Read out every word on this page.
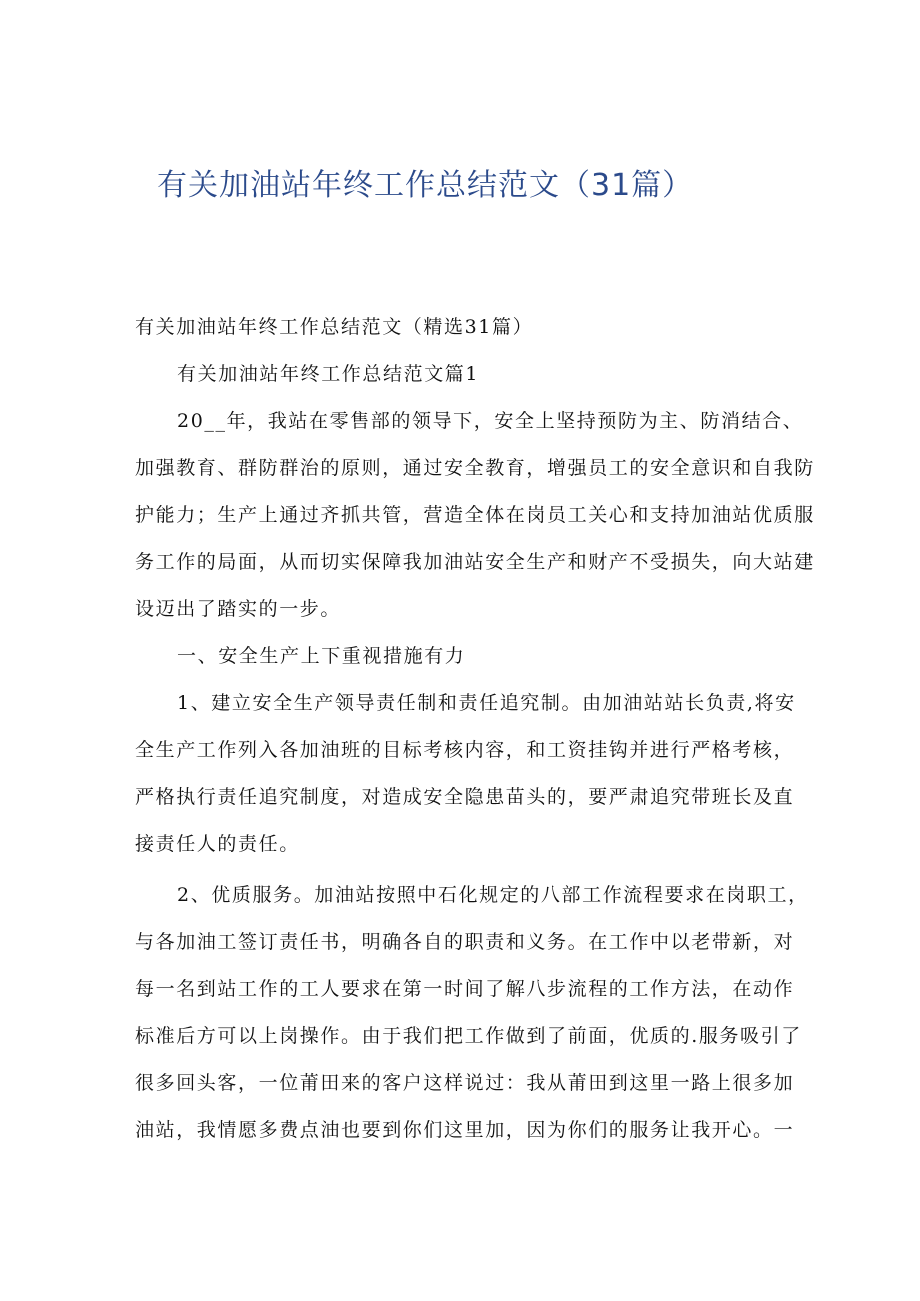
有关加油站年终工作总结范文（31篇）
有关加油站年终工作总结范文（精选31篇）
有关加油站年终工作总结范文篇1
20__年，我站在零售部的领导下，安全上坚持预防为主、防消结合、
加强教育、群防群治的原则，通过安全教育，增强员工的安全意识和自我防
护能力；生产上通过齐抓共管，营造全体在岗员工关心和支持加油站优质服
务工作的局面，从而切实保障我加油站安全生产和财产不受损失，向大站建
设迈出了踏实的一步。
一、安全生产上下重视措施有力
1、建立安全生产领导责任制和责任追究制。由加油站站长负责,将安
全生产工作列入各加油班的目标考核内容，和工资挂钩并进行严格考核，
严格执行责任追究制度，对造成安全隐患苗头的，要严肃追究带班长及直
接责任人的责任。
2、优质服务。加油站按照中石化规定的八部工作流程要求在岗职工，
与各加油工签订责任书，明确各自的职责和义务。在工作中以老带新，对
每一名到站工作的工人要求在第一时间了解八步流程的工作方法，在动作
标准后方可以上岗操作。由于我们把工作做到了前面，优质的.服务吸引了
很多回头客，一位莆田来的客户这样说过：我从莆田到这里一路上很多加
油站，我情愿多费点油也要到你们这里加，因为你们的服务让我开心。一
